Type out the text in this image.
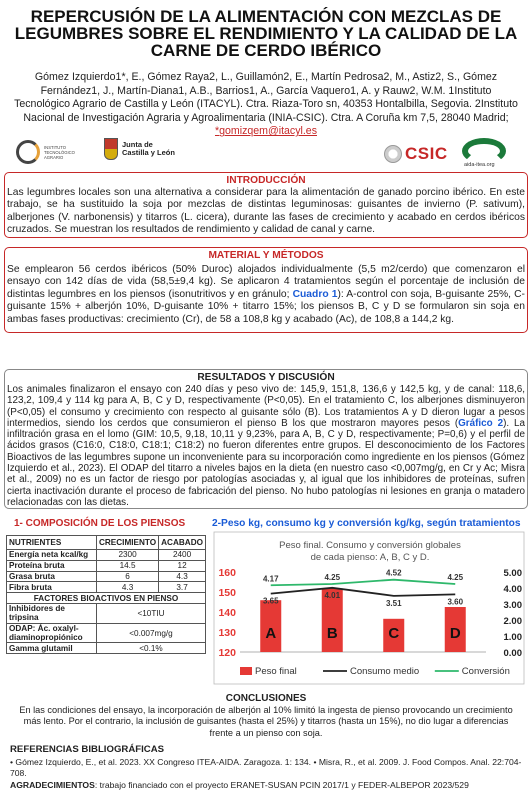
REPERCUSIÓN DE LA ALIMENTACIÓN CON MEZCLAS DE LEGUMBRES SOBRE EL RENDIMIENTO Y LA CALIDAD DE LA CARNE DE CERDO IBÉRICO
Gómez Izquierdo1*, E., Gómez Raya2, L., Guillamón2, E., Martín Pedrosa2, M., Astiz2, S., Gómez Fernández1, J., Martín-Diana1, A.B., Barrios1, A., García Vaquero1, A. y Rauw2, W.M. 1Instituto Tecnológico Agrario de Castilla y León (ITACYL). Ctra. Riaza-Toro sn, 40353 Hontalbilla, Segovia. 2Instituto Nacional de Investigación Agraria y Agroalimentaria (INIA-CSIC). Ctra. A Coruña km 7,5, 28040 Madrid; *gomizqem@itacyl.es
INSTITUTO TECNOLÓGICO AGRARIO
Junta de
Castilla y León	CSIC
aida-itea.org
INTRODUCCIÓN
Las legumbres locales son una alternativa a considerar para la alimentación de ganado porcino ibérico. En este trabajo, se ha sustituido la soja por mezclas de distintas leguminosas: guisantes de invierno (P. sativum), alberjones (V. narbonensis) y titarros (L. cicera), durante las fases de crecimiento y acabado en cerdos ibéricos cruzados. Se muestran los resultados de rendimiento y calidad de canal y carne.
MATERIAL Y MÉTODOS
Se emplearon 56 cerdos ibéricos (50% Duroc) alojados individualmente (5,5 m2/cerdo) que comenzaron el ensayo con 142 días de vida (58,5±9,4 kg). Se aplicaron 4 tratamientos según el porcentaje de inclusión de distintas legumbres en los piensos (isonutritivos y en gránulo; Cuadro 1): A-control con soja, B-guisante 25%, C-guisante 15% + alberjón 10%, D-guisante 10% + titarro 15%; los piensos B, C y D se formularon sin soja en ambas fases productivas: crecimiento (Cr), de 58 a 108,8 kg y acabado (Ac), de 108,8 a 144,2 kg.
RESULTADOS Y DISCUSIÓN
Los animales finalizaron el ensayo con 240 días y peso vivo de: 145,9, 151,8, 136,6 y 142,5 kg, y de canal: 118,6, 123,2, 109,4 y 114 kg para A, B, C y D, respectivamente (P<0,05). En el tratamiento C, los alberjones disminuyeron (P<0,05) el consumo y crecimiento con respecto al guisante sólo (B). Los tratamientos A y D dieron lugar a pesos intermedios, siendo los cerdos que consumieron el pienso B los que mostraron mayores pesos (Gráfico 2). La infiltración grasa en el lomo (GIM: 10,5, 9,18, 10,11 y 9,23%, para A, B, C y D, respectivamente; P=0,6) y el perfil de ácidos grasos (C16:0, C18:0, C18:1; C18:2) no fueron diferentes entre grupos. El desconocimiento de los Factores Bioactivos de las legumbres supone un inconveniente para su incorporación como ingrediente en los piensos (Gómez Izquierdo et al., 2023). El ODAP del titarro a niveles bajos en la dieta (en nuestro caso <0,007mg/g, en Cr y Ac; Misra et al., 2009) no es un factor de riesgo por patologías asociadas y, al igual que los inhibidores de proteínas, sufren cierta inactivación durante el proceso de fabricación del pienso. No hubo patologías ni lesiones en granja o matadero relacionadas con las dietas.
1- COMPOSICIÓN DE LOS PIENSOS
NUTRIENTES	CRECIMIENTO	ACABADO
Energía neta kcal/kg	2300	2400
Proteína bruta	14.5	12
Grasa bruta	6	4.3
Fibra bruta	4.3	3.7
FACTORES BIOACTIVOS EN PIENSO		
Inhibidores de tripsina	<10TIU	
ODAP: Ác. oxalyl-diaminopropiónico	<0.007mg/g	
Gamma glutamil	<0.1%	
2-Peso kg, consumo kg y conversión kg/kg, según tratamientos
Peso final. Consumo y conversión globales
de cada pienso: A, B, C y D.
120
130
140
150
160
0.00
1.00
2.00
3.00
4.00
5.00
A	B	C	D
3.65
4.01
3.51	3.60
4.17	4.25	4.52	4.25
Peso final	Consumo medio	Conversión
CONCLUSIONES
En las condiciones del ensayo, la incorporación de alberjón al 10% limitó la ingesta de pienso provocando un crecimiento más lento. Por el contrario, la inclusión de guisantes (hasta el 25%) y titarros (hasta un 15%), no dio lugar a diferencias frente a un pienso con soja.
REFERENCIAS BIBLIOGRÁFICAS
• Gómez Izquierdo, E., et al. 2023. XX Congreso ITEA-AIDA. Zaragoza. 1: 134. • Misra, R., et al. 2009. J. Food Compos. Anal. 22:704-708.
AGRADECIMIENTOS: trabajo financiado con el proyecto ERANET-SUSAN PCIN 2017/1 y FEDER-ALBEPOR 2023/529
